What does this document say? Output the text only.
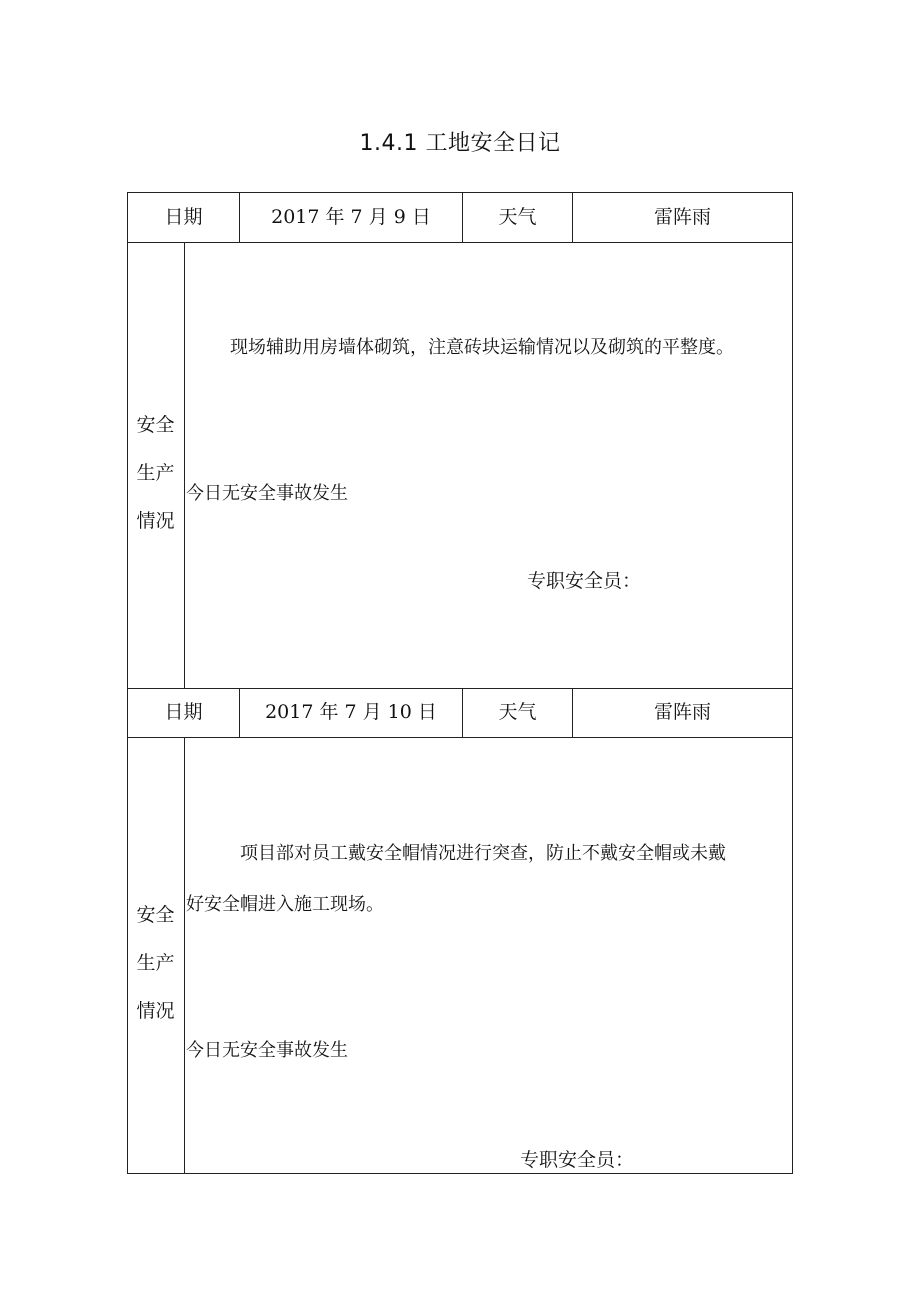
1.4.1 工地安全日记
日期	2017 年 7 月 9 日	天气	雷阵雨
安全
生产
情况
现场辅助用房墙体砌筑，注意砖块运输情况以及砌筑的平整度。
今日无安全事故发生
专职安全员：
日期	2017 年 7 月 10 日	天气	雷阵雨
安全
生产
情况
项目部对员工戴安全帽情况进行突查，防止不戴安全帽或未戴
好安全帽进入施工现场。
今日无安全事故发生
专职安全员：
